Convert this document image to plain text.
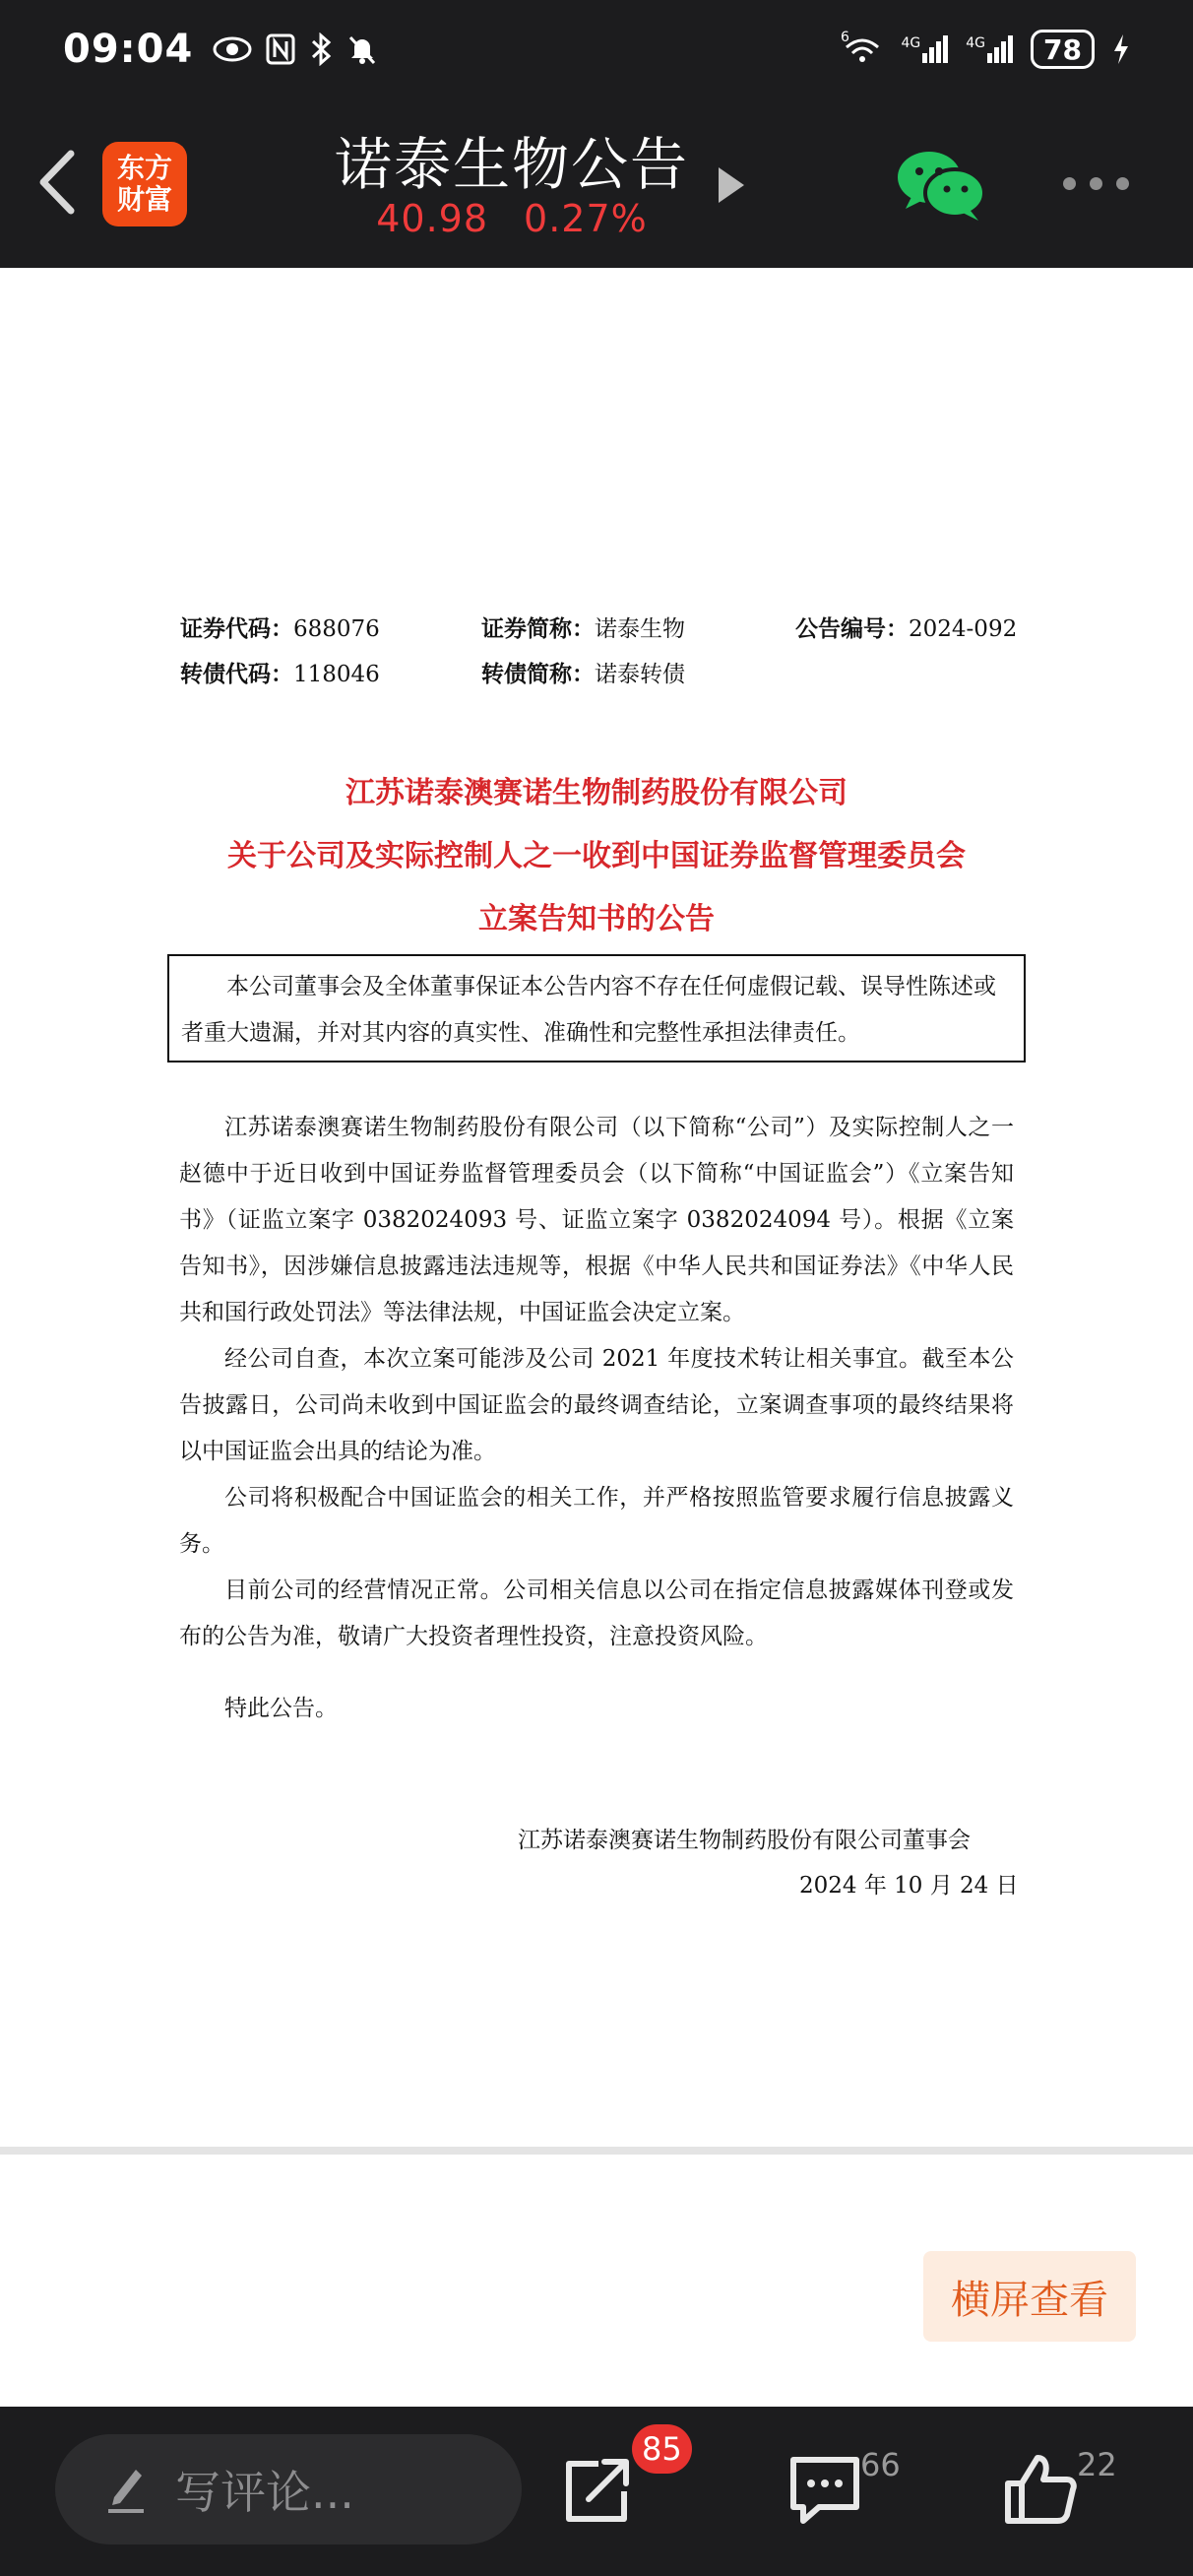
09:04	6	4G	4G	78
东方
财富
诺泰生物公告
40.98 0.27%
证券代码：688076	证券简称：诺泰生物	公告编号：2024-092
转债代码：118046	转债简称：诺泰转债
江苏诺泰澳赛诺生物制药股份有限公司
关于公司及实际控制人之一收到中国证券监督管理委员会
立案告知书的公告

本公司董事会及全体董事保证本公告内容不存在任何虚假记载、误导性陈述或者重大遗漏，并对其内容的真实性、准确性和完整性承担法律责任。

江苏诺泰澳赛诺生物制药股份有限公司（以下简称“公司”）及实际控制人之一赵德中于近日收到中国证券监督管理委员会（以下简称“中国证监会”）《立案告知书》（证监立案字 0382024093 号、证监立案字 0382024094 号）。根据《立案告知书》，因涉嫌信息披露违法违规等，根据《中华人民共和国证券法》《中华人民共和国行政处罚法》等法律法规，中国证监会决定立案。

经公司自查，本次立案可能涉及公司 2021 年度技术转让相关事宜。截至本公告披露日，公司尚未收到中国证监会的最终调查结论，立案调查事项的最终结果将以中国证监会出具的结论为准。

公司将积极配合中国证监会的相关工作，并严格按照监管要求履行信息披露义务。

目前公司的经营情况正常。公司相关信息以公司在指定信息披露媒体刊登或发布的公告为准，敬请广大投资者理性投资，注意投资风险。

特此公告。

江苏诺泰澳赛诺生物制药股份有限公司董事会
2024 年 10 月 24 日
横屏查看
写评论...
85	66	22
